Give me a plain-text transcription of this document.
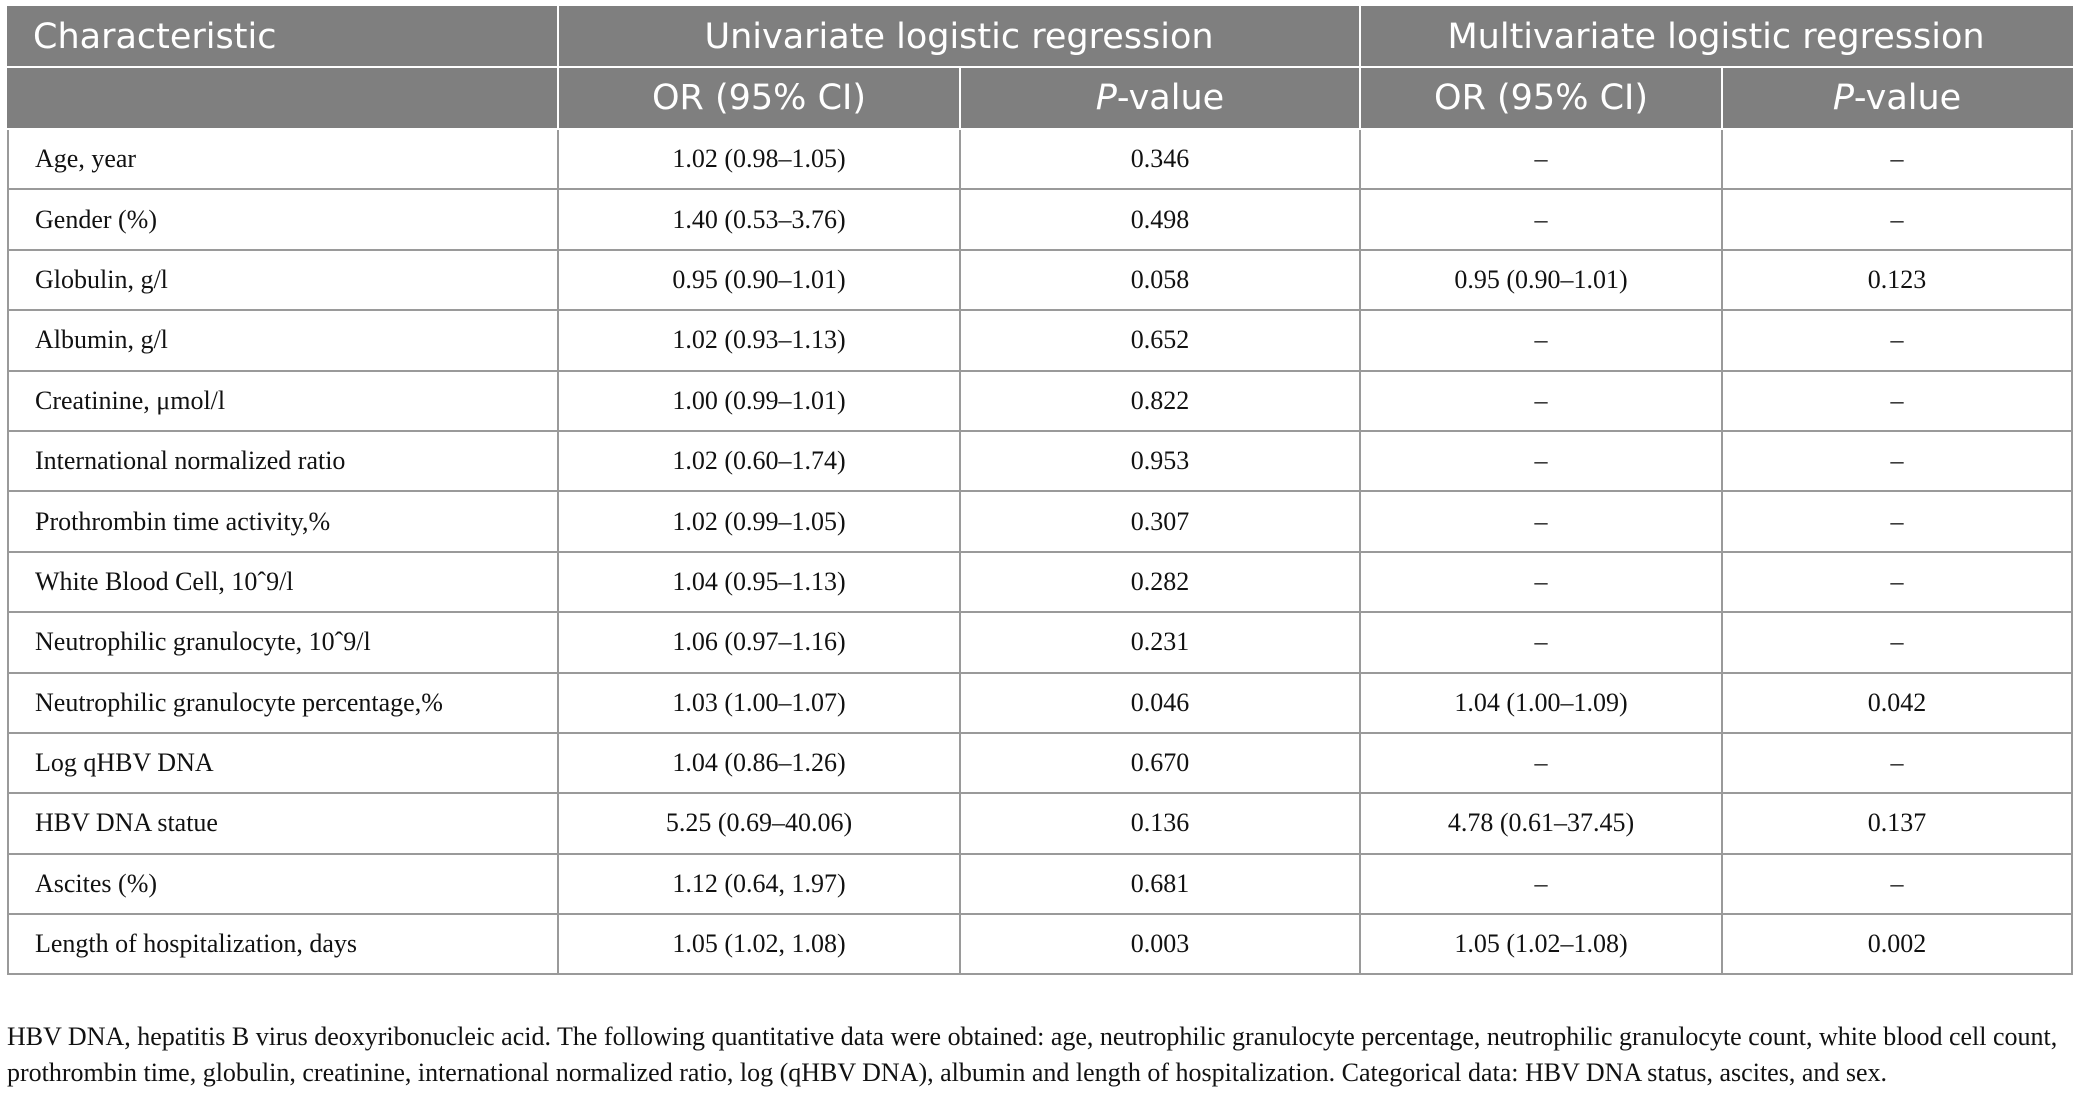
Characteristic	Univariate logistic regression		Multivariate logistic regression	
	OR (95% CI)	P-value	OR (95% CI)	P-value
Age, year	1.02 (0.98–1.05)	0.346	–	–
Gender (%)	1.40 (0.53–3.76)	0.498	–	–
Globulin, g/l	0.95 (0.90–1.01)	0.058	0.95 (0.90–1.01)	0.123
Albumin, g/l	1.02 (0.93–1.13)	0.652	–	–
Creatinine, μmol/l	1.00 (0.99–1.01)	0.822	–	–
International normalized ratio	1.02 (0.60–1.74)	0.953	–	–
Prothrombin time activity,%	1.02 (0.99–1.05)	0.307	–	–
White Blood Cell, 10ˆ9/l	1.04 (0.95–1.13)	0.282	–	–
Neutrophilic granulocyte, 10ˆ9/l	1.06 (0.97–1.16)	0.231	–	–
Neutrophilic granulocyte percentage,%	1.03 (1.00–1.07)	0.046	1.04 (1.00–1.09)	0.042
Log qHBV DNA	1.04 (0.86–1.26)	0.670	–	–
HBV DNA statue	5.25 (0.69–40.06)	0.136	4.78 (0.61–37.45)	0.137
Ascites (%)	1.12 (0.64, 1.97)	0.681	–	–
Length of hospitalization, days	1.05 (1.02, 1.08)	0.003	1.05 (1.02–1.08)	0.002
HBV DNA, hepatitis B virus deoxyribonucleic acid. The following quantitative data were obtained: age, neutrophilic granulocyte percentage, neutrophilic granulocyte count, white blood cell count, prothrombin time, globulin, creatinine, international normalized ratio, log (qHBV DNA), albumin and length of hospitalization. Categorical data: HBV DNA status, ascites, and sex.
